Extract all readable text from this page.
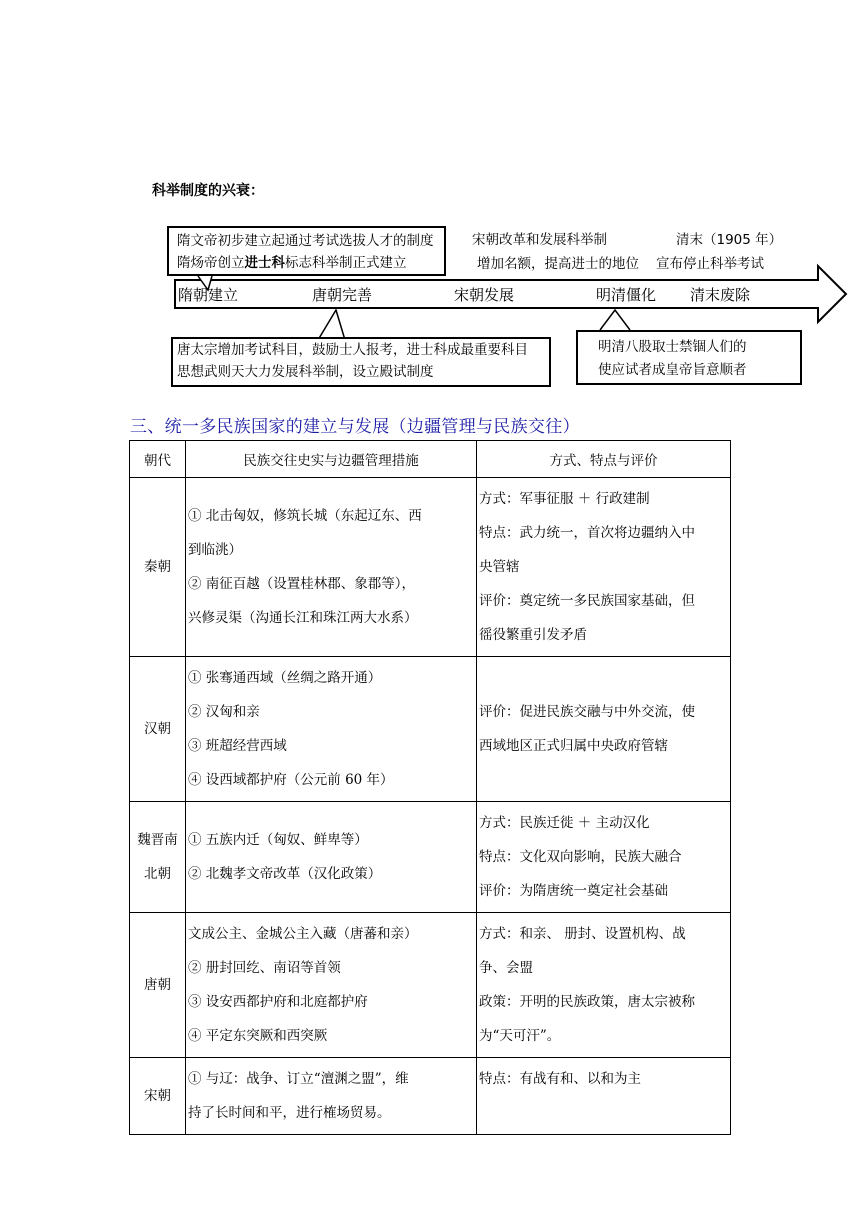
科举制度的兴衰：
隋朝建立	唐朝完善	宋朝发展	明清僵化 清末废除
隋文帝初步建立起通过考试选拔人才的制度
隋炀帝创立进士科标志科举制正式建立
宋朝改革和发展科举制
增加名额，提高进士的地位
清末（1905 年）
宣布停止科举考试
唐太宗增加考试科目，鼓励士人报考，进士科成最重要科目
思想武则天大力发展科举制，设立殿试制度
明清八股取士禁锢人们的
使应试者成皇帝旨意顺者
三、统一多民族国家的建立与发展（边疆管理与民族交往）
朝代	民族交往史实与边疆管理措施	方式、特点与评价
秦朝	① 北击匈奴，修筑长城（东起辽东、西
到临洮）
② 南征百越（设置桂林郡、象郡等），
兴修灵渠（沟通长江和珠江两大水系）	方式：军事征服 ＋ 行政建制
特点：武力统一，首次将边疆纳入中
央管辖
评价：奠定统一多民族国家基础，但
徭役繁重引发矛盾

汉朝	① 张骞通西域（丝绸之路开通）
② 汉匈和亲
③ 班超经营西域
④ 设西域都护府（公元前 60 年）	评价：促进民族交融与中外交流，使
西域地区正式归属中央政府管辖

魏晋南
北朝	① 五族内迁（匈奴、鲜卑等）
② 北魏孝文帝改革（汉化政策）	方式：民族迁徙 ＋ 主动汉化
特点：文化双向影响，民族大融合
评价：为隋唐统一奠定社会基础

唐朝	文成公主、金城公主入藏（唐蕃和亲）
② 册封回纥、南诏等首领
③ 设安西都护府和北庭都护府
④ 平定东突厥和西突厥	方式：和亲、 册封、设置机构、战
争、会盟
政策：开明的民族政策，唐太宗被称
为“天可汗”。

宋朝	① 与辽：战争、订立“澶渊之盟”，维
持了长时间和平，进行榷场贸易。	特点：有战有和、以和为主
